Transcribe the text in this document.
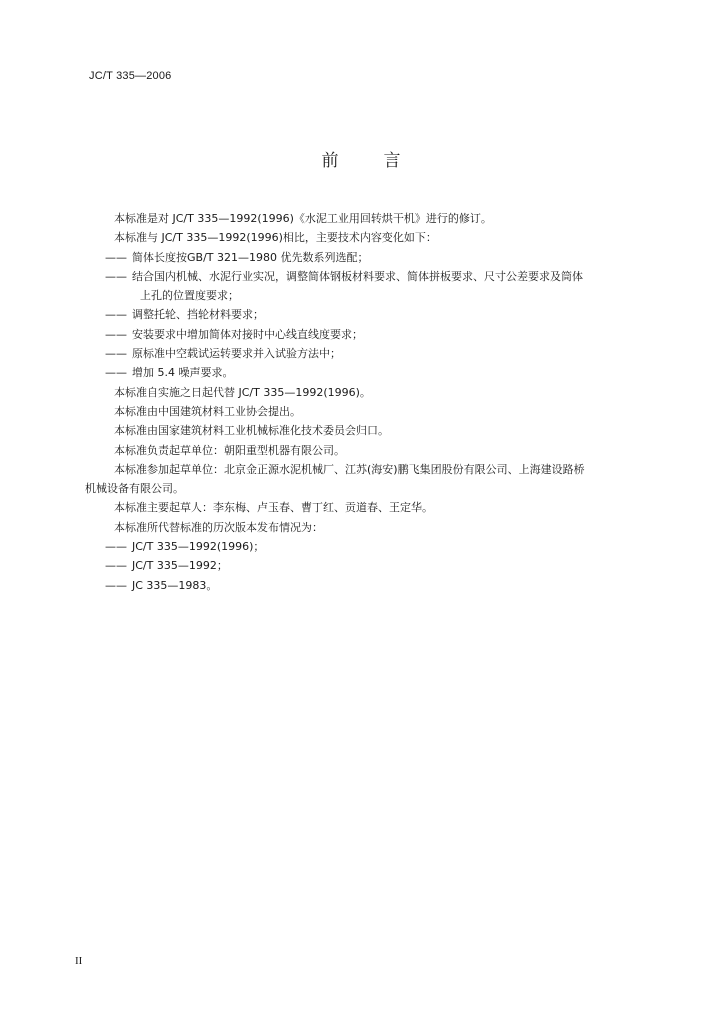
JC/T 335—2006
前　言

本标准是对 JC/T 335—1992(1996)《水泥工业用回转烘干机》进行的修订。

本标准与 JC/T 335—1992(1996)相比，主要技术内容变化如下：

—— 简体长度按GB/T 321—1980 优先数系列选配；

—— 结合国内机械、水泥行业实况，调整简体钢板材料要求、简体拼板要求、尺寸公差要求及筒体

上孔的位置度要求；

—— 调整托轮、挡轮材料要求；

—— 安装要求中增加简体对接时中心线直线度要求；

—— 原标准中空载试运转要求并入试验方法中；

—— 增加 5.4 噪声要求。

本标准自实施之日起代替 JC/T 335—1992(1996)。

本标准由中国建筑材料工业协会提出。

本标准由国家建筑材料工业机械标准化技术委员会归口。

本标准负责起草单位：朝阳重型机器有限公司。

本标准参加起草单位：北京金正源水泥机械厂、江苏(海安)鹏飞集团股份有限公司、上海建设路桥

机械设备有限公司。

本标准主要起草人：李东梅、卢玉春、曹丁红、贡道春、王定华。

本标准所代替标准的历次版本发布情况为：

—— JC/T 335—1992(1996)；

—— JC/T 335—1992；

—— JC 335—1983。

II
